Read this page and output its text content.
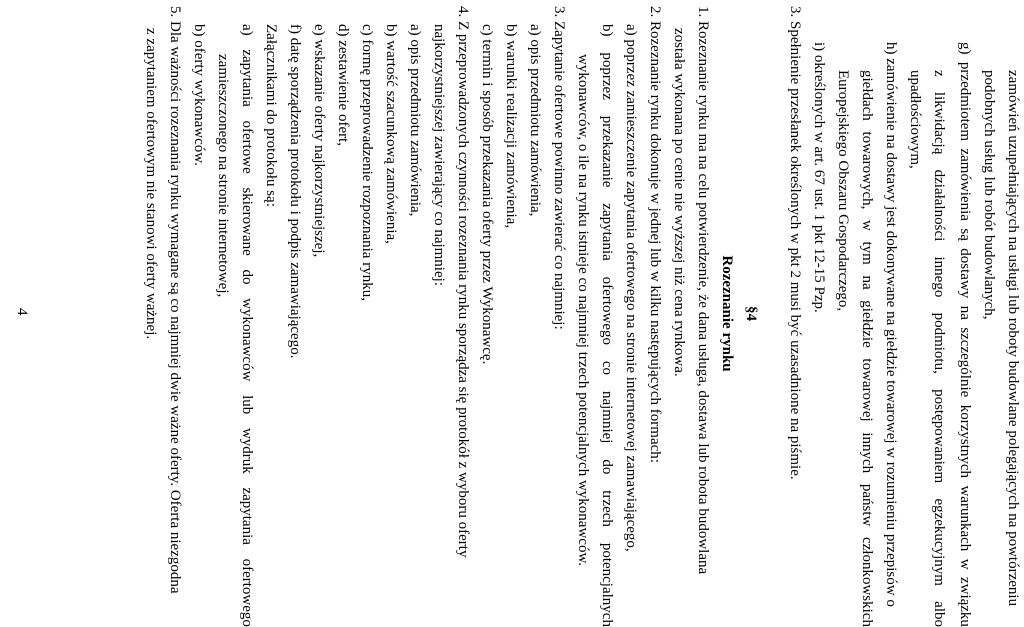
zamówień uzupełniających na usługi lub roboty budowlane polegających na powtórzeniu
podobnych usług lub robót budowlanych,
g)
przedmiotem
zamówienia
są
dostawy
na
szczególnie
korzystnych
warunkach
w
związku
z
likwidacją
działalności
innego
podmiotu,
postępowaniem
egzekucyjnym
albo
upadłościowym,
h) zamówienie na dostawy jest dokonywane na giełdzie towarowej w rozumieniu przepisów o
giełdach
towarowych,
w
tym
na
giełdzie
towarowej
innych
państw
członkowskich
Europejskiego Obszaru Gospodarczego,
i) określonych w art. 67 ust. 1 pkt 12-15 Pzp.
3. Spełnienie przesłanek określonych w pkt 2 musi być uzasadnione na piśmie.
§4
Rozeznanie rynku
1. Rozeznanie rynku ma na celu potwierdzenie, że dana usługa, dostawa lub robota budowlana
została wykonana po cenie nie wyższej niż cena rynkowa.
2. Rozeznanie rynku dokonuje w jednej lub w kilku następujących formach:
a) poprzez zamieszczenie zapytania ofertowego na stronie internetowej zamawiającego,
b)
poprzez
przekazanie
zapytania
ofertowego
co
najmniej
do
trzech
potencjalnych
wykonawców, o ile na rynku istnieje co najmniej trzech potencjalnych wykonawców.
3. Zapytanie ofertowe powinno zawierać co najmniej:
a) opis przedmiotu zamówienia,
b) warunki realizacji zamówienia,
c) termin i sposób przekazania oferty przez Wykonawcę.
4. Z przeprowadzonych czynności rozeznania rynku sporządza się protokół z wyboru oferty
najkorzystniejszej zawierający co najmniej:
a) opis przedmiotu zamówienia,
b) wartość szacunkową zamówienia,
c) formę przeprowadzenie rozpoznania rynku,
d) zestawienie ofert,
e) wskazanie oferty najkorzystniejszej,
f) datę sporządzenia protokołu i podpis zamawiającego.
Załącznikami do protokołu są:
a)
zapytania
ofertowe
skierowane
do
wykonawców
lub
wydruk
zapytania
ofertowego
zamieszczonego na stronie internetowej,
b) oferty wykonawców.
5. Dla ważności rozeznania rynku wymagane są co najmniej dwie ważne oferty. Oferta niezgodna
z zapytaniem ofertowym nie stanowi oferty ważnej.
4
